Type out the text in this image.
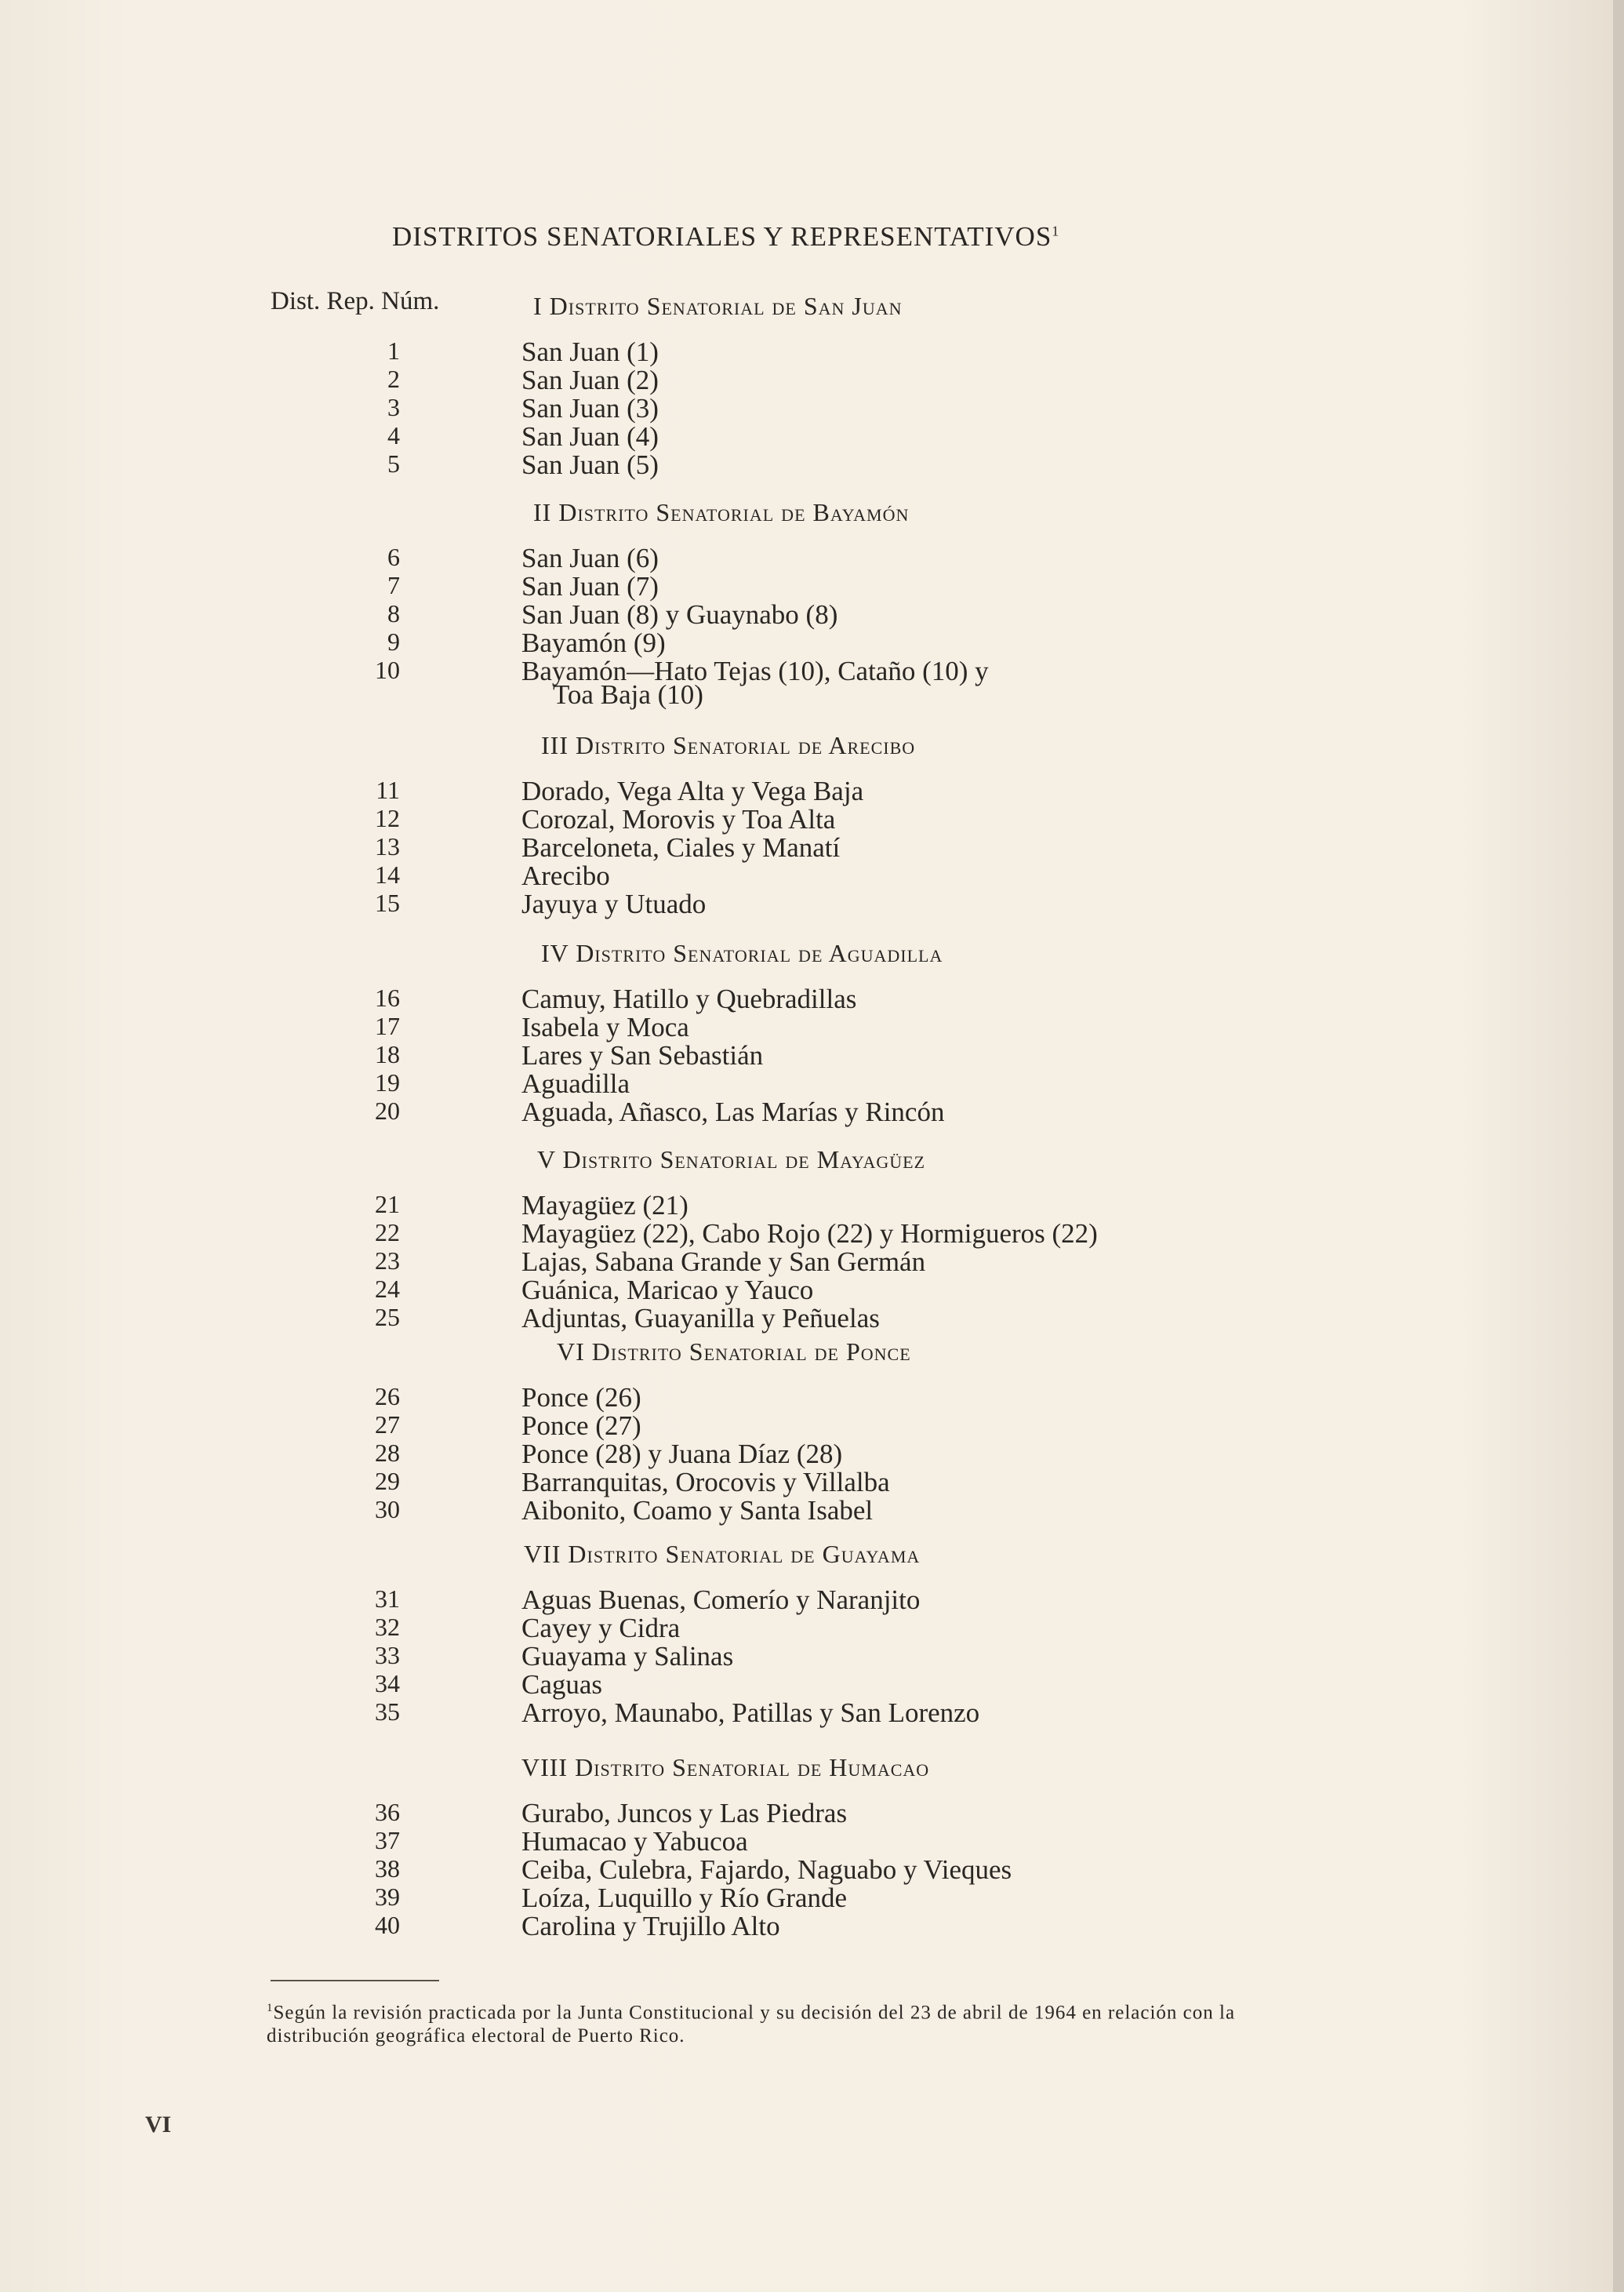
DISTRITOS SENATORIALES Y REPRESENTATIVOS$^1$
Dist. Rep. Núm.	I Distrito Senatorial de San Juan
1	San Juan (1)
2	San Juan (2)
3	San Juan (3)
4	San Juan (4)
5	San Juan (5)
II Distrito Senatorial de Bayamón
6	San Juan (6)
7	San Juan (7)
8	San Juan (8) y Guaynabo (8)
9	Bayamón (9)
10	Bayamón—Hato Tejas (10), Cataño (10) y
Toa Baja (10)
III Distrito Senatorial de Arecibo
11	Dorado, Vega Alta y Vega Baja
12	Corozal, Morovis y Toa Alta
13	Barceloneta, Ciales y Manatí
14	Arecibo
15	Jayuya y Utuado
IV Distrito Senatorial de Aguadilla
16	Camuy, Hatillo y Quebradillas
17	Isabela y Moca
18	Lares y San Sebastián
19	Aguadilla
20	Aguada, Añasco, Las Marías y Rincón
V Distrito Senatorial de Mayagüez
21	Mayagüez (21)
22	Mayagüez (22), Cabo Rojo (22) y Hormigueros (22)
23	Lajas, Sabana Grande y San Germán
24	Guánica, Maricao y Yauco
25	Adjuntas, Guayanilla y Peñuelas
VI Distrito Senatorial de Ponce
26	Ponce (26)
27	Ponce (27)
28	Ponce (28) y Juana Díaz (28)
29	Barranquitas, Orocovis y Villalba
30	Aibonito, Coamo y Santa Isabel
VII Distrito Senatorial de Guayama
31	Aguas Buenas, Comerío y Naranjito
32	Cayey y Cidra
33	Guayama y Salinas
34	Caguas
35	Arroyo, Maunabo, Patillas y San Lorenzo
VIII Distrito Senatorial de Humacao
36	Gurabo, Juncos y Las Piedras
37	Humacao y Yabucoa
38	Ceiba, Culebra, Fajardo, Naguabo y Vieques
39	Loíza, Luquillo y Río Grande
40	Carolina y Trujillo Alto
$^1$Según la revisión practicada por la Junta Constitucional y su decisión del 23 de abril de 1964 en relación con la distribución geográfica electoral de Puerto Rico.
VI
